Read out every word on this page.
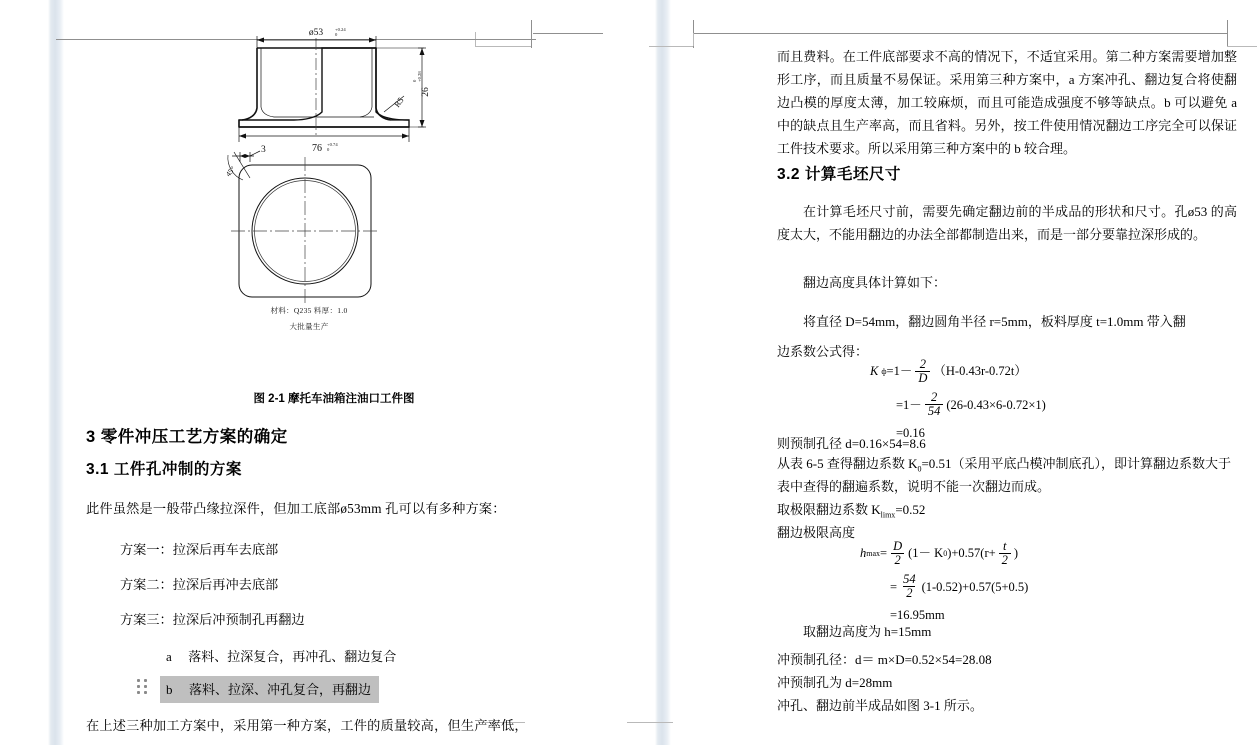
ø53	+0.24
0
26
+0.28
0
R5
76 +0.74
0
3
45°
材料：Q235 料厚：1.0
大批量生产
图 2-1 摩托车油箱注油口工件图
3 零件冲压工艺方案的确定
3.1 工件孔冲制的方案
此件虽然是一般带凸缘拉深件，但加工底部ø53mm 孔可以有多种方案：
方案一：拉深后再车去底部
方案二：拉深后再冲去底部
方案三：拉深后冲预制孔再翻边
a 落料、拉深复合，再冲孔、翻边复合
b 落料、拉深、冲孔复合，再翻边
在上述三种加工方案中，采用第一种方案，工件的质量较高，但生产率低，
而且费料。在工件底部要求不高的情况下，不适宜采用。第二种方案需要增加整形工序，而且质量不易保证。采用第三种方案中，a 方案冲孔、翻边复合将使翻边凸模的厚度太薄，加工较麻烦，而且可能造成强度不够等缺点。b 可以避免 a 中的缺点且生产率高，而且省料。另外，按工件使用情况翻边工序完全可以保证工件技术要求。所以采用第三种方案中的 b 较合理。
3.2 计算毛坯尺寸
在计算毛坯尺寸前，需要先确定翻边前的半成品的形状和尺寸。孔ø53 的高度太大，不能用翻边的办法全部都制造出来，而是一部分要靠拉深形成的。
翻边高度具体计算如下：
将直径 D=54mm，翻边圆角半径 r=5mm，板料厚度 t=1.0mm 带入翻
边系数公式得：
K $ф =1- \frac{2}{D} (H-0.43r-0.72t)$
$=1- \frac{2}{54} (26-0.43\times 6-0.72\times 1)$
=0.16
则预制孔径 d=0.16×54=8.6
从表 6-5 查得翻边系数 $K_0=0.51$（采用平底凸模冲制底孔），即计算翻边系数大于
表中查得的翻遍系数，说明不能一次翻边而成。
取极限翻边系数 $K_{limx}=0.52$
翻边极限高度
h $\max = \frac{D}{2} (1- K$ 0 )$+0.57(r+ \frac{t}{2}$ )
= $\frac{54}{2} (1-0.52)+0.57(5+0.5)$
=16.95mm
取翻边高度为 h=15mm
冲预制孔径：d＝ m×D=0.52×54=28.08
冲预制孔为 d=28mm
冲孔、翻边前半成品如图 3-1 所示。
